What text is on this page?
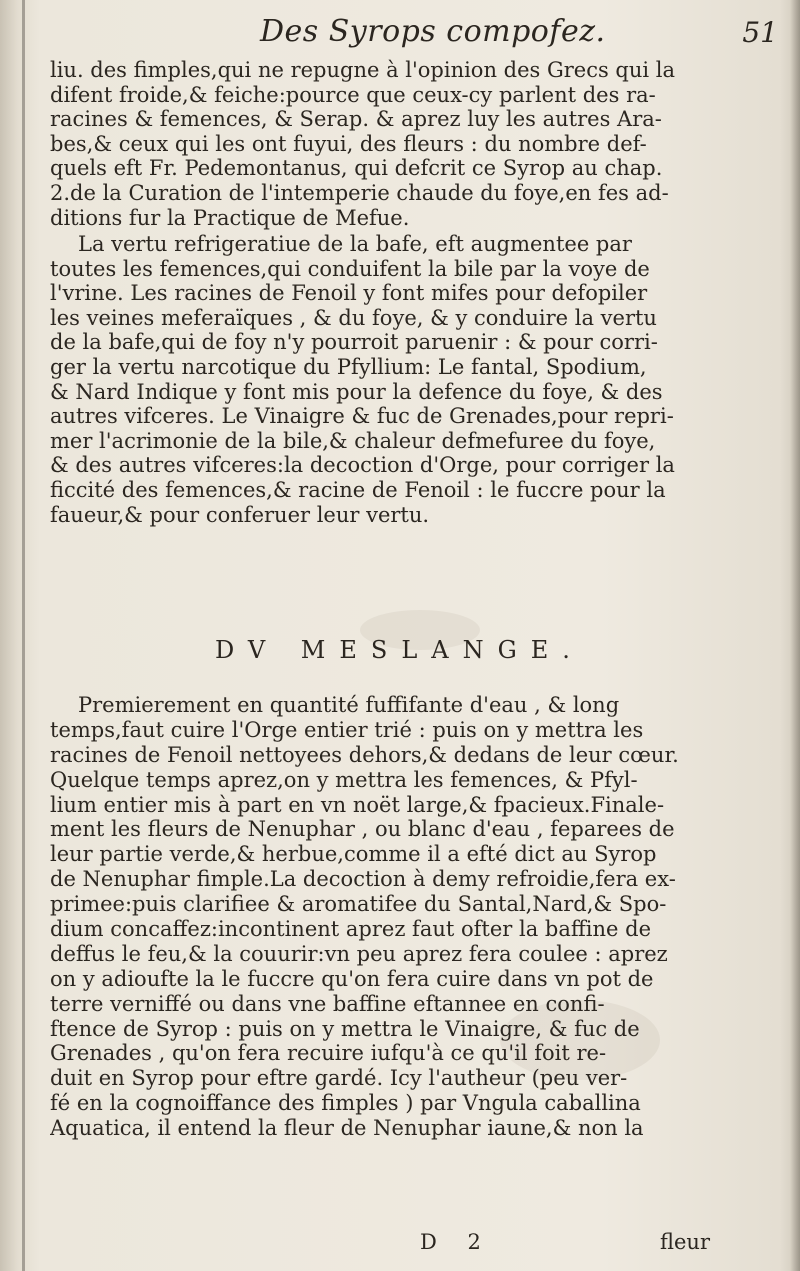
Des Syrops compofez.	51
liu. des fimples,qui ne repugne à l'opinion des Grecs qui la
difent froide,& feiche:pource que ceux-cy parlent des ra-
racines & femences, & Serap. & aprez luy les autres Ara-
bes,& ceux qui les ont fuyui, des fleurs : du nombre def-
quels eft Fr. Pedemontanus, qui defcrit ce Syrop au chap.
2.de la Curation de l'intemperie chaude du foye,en fes ad-
ditions fur la Practique de Mefue.
La vertu refrigeratiue de la bafe, eft augmentee par
toutes les femences,qui conduifent la bile par la voye de
l'vrine. Les racines de Fenoil y font mifes pour defopiler
les veines meferaïques , & du foye, & y conduire la vertu
de la bafe,qui de foy n'y pourroit paruenir : & pour corri-
ger la vertu narcotique du Pfyllium: Le fantal, Spodium,
& Nard Indique y font mis pour la defence du foye, & des
autres vifceres. Le Vinaigre & fuc de Grenades,pour repri-
mer l'acrimonie de la bile,& chaleur defmefuree du foye,
& des autres vifceres:la decoction d'Orge, pour corriger la
ficcité des femences,& racine de Fenoil : le fuccre pour la
faueur,& pour conferuer leur vertu.
DV MESLANGE.
Premierement en quantité fuffifante d'eau , & long
temps,faut cuire l'Orge entier trié : puis on y mettra les
racines de Fenoil nettoyees dehors,& dedans de leur cœur.
Quelque temps aprez,on y mettra les femences, & Pfyl-
lium entier mis à part en vn noët large,& fpacieux.Finale-
ment les fleurs de Nenuphar , ou blanc d'eau , feparees de
leur partie verde,& herbue,comme il a efté dict au Syrop
de Nenuphar fimple.La decoction à demy refroidie,fera ex-
primee:puis clarifiee & aromatifee du Santal,Nard,& Spo-
dium concaffez:incontinent aprez faut ofter la baffine de
deffus le feu,& la couurir:vn peu aprez fera coulee : aprez
on y adioufte la le fuccre qu'on fera cuire dans vn pot de
terre verniffé ou dans vne baffine eftannee en confi-
ftence de Syrop : puis on y mettra le Vinaigre, & fuc de
Grenades , qu'on fera recuire iufqu'à ce qu'il foit re-
duit en Syrop pour eftre gardé. Icy l'autheur (peu ver-
fé en la cognoiffance des fimples ) par Vngula caballina
Aquatica, il entend la fleur de Nenuphar iaune,& non la
D 2	fleur
